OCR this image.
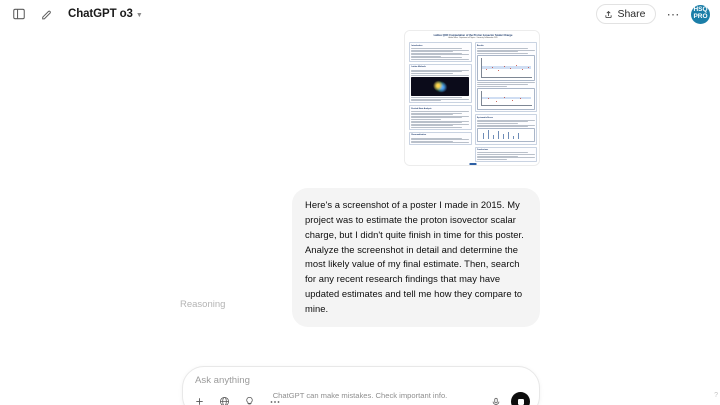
ChatGPT o3 ▼	Share ⋯	HSQ
PRO
Lattice QCD Computation of the Proton Isovector Scalar Charge
Author Name · Department of Physics · University Collaboration 2015
Introduction
Lattice Methods
Excited-State Analysis
Renormalization
Results
Systematic Errors
Conclusions
Here's a screenshot of a poster I made in 2015. My project was to estimate the proton isovector scalar charge, but I didn't quite finish in time for this poster. Analyze the screenshot in detail and determine the most likely value of my final estimate. Then, search for any recent research findings that may have updated estimates and tell me how they compare to mine.
Reasoning
Ask anything
ChatGPT can make mistakes. Check important info.	?
